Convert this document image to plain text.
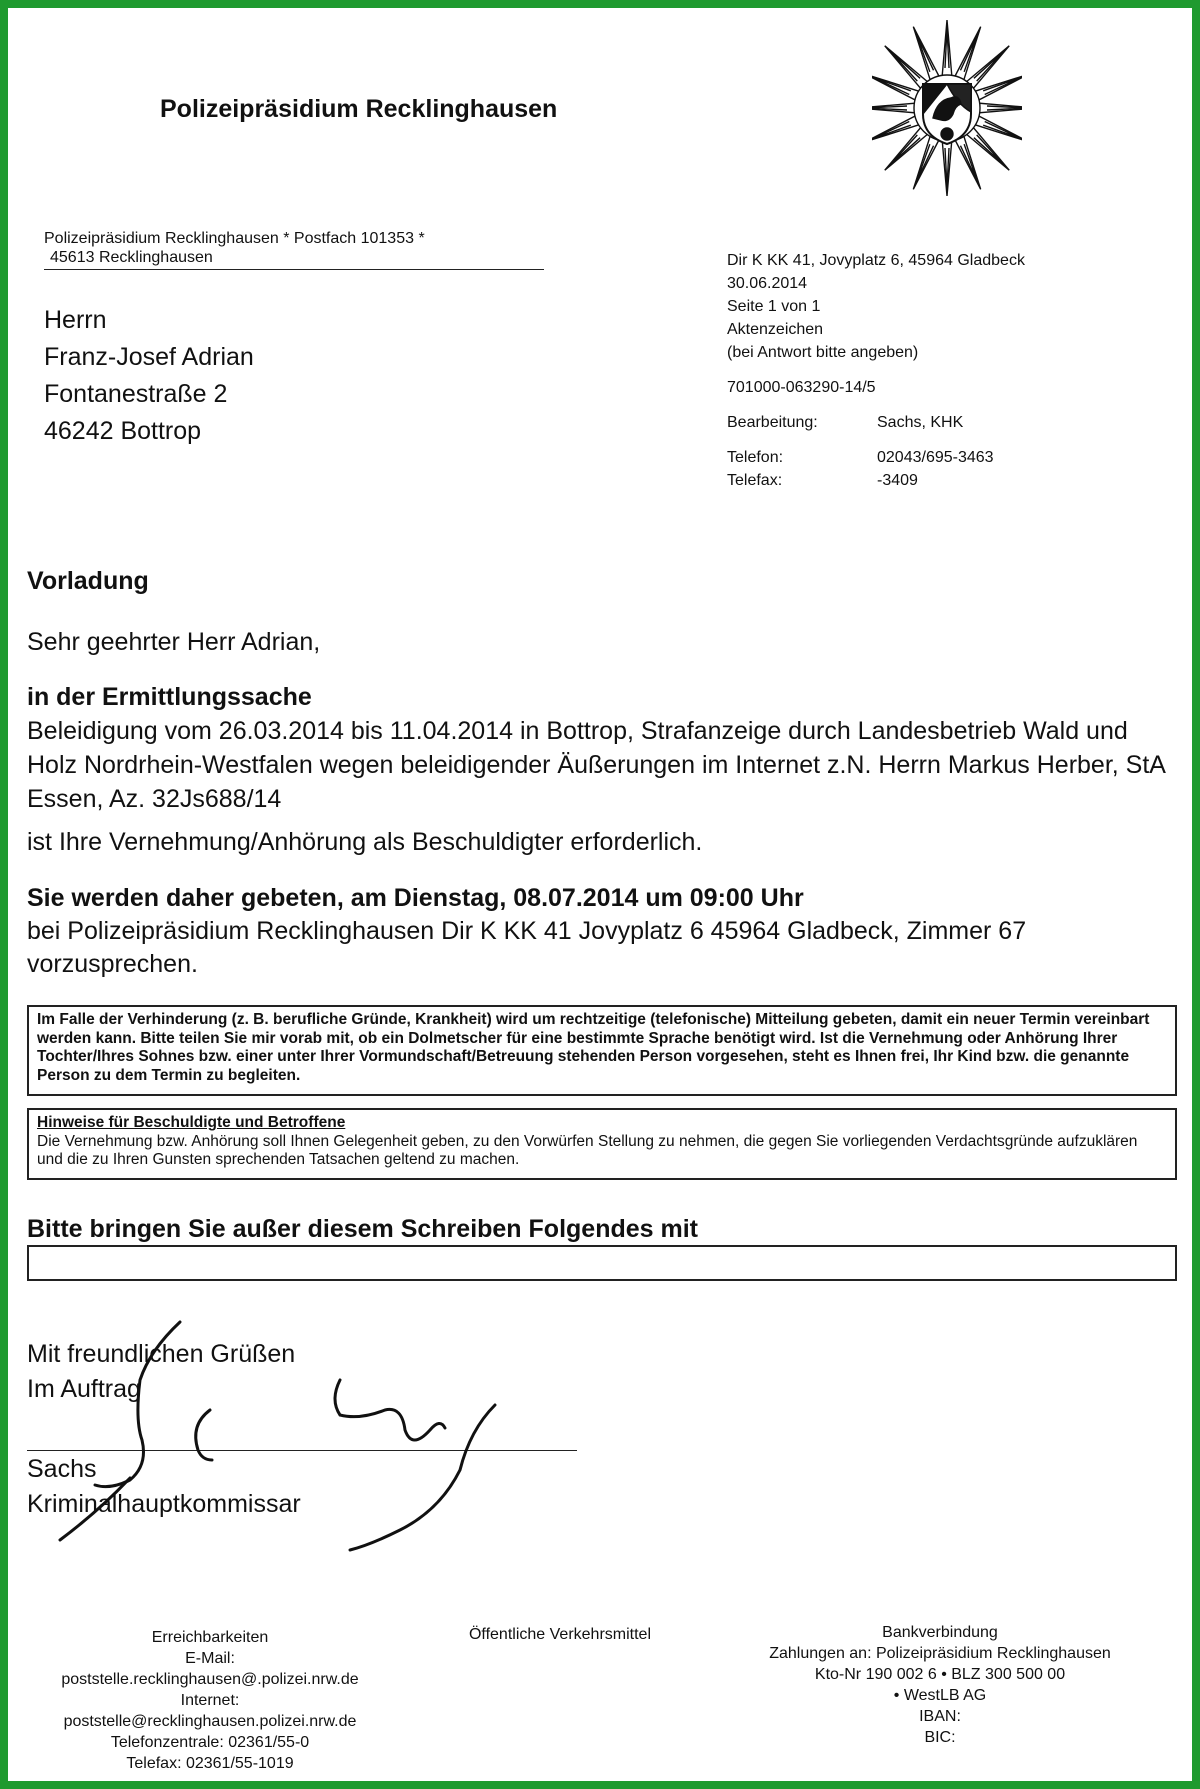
Polizeipräsidium Recklinghausen
Polizeipräsidium Recklinghausen * Postfach 101353 *
45613 Recklinghausen
Herrn
Franz-Josef Adrian
Fontanestraße 2
46242 Bottrop
Dir K KK 41, Jovyplatz 6, 45964 Gladbeck
30.06.2014
Seite 1 von 1
Aktenzeichen
(bei Antwort bitte angeben)
701000-063290-14/5
Bearbeitung:	Sachs, KHK
Telefon:	02043/695-3463
Telefax:	-3409
Vorladung
Sehr geehrter Herr Adrian,
in der Ermittlungssache
Beleidigung vom 26.03.2014 bis 11.04.2014 in Bottrop, Strafanzeige durch Landesbetrieb Wald und Holz Nordrhein-Westfalen wegen beleidigender Äußerungen im Internet z.N. Herrn Markus Herber, StA Essen, Az. 32Js688/14
ist Ihre Vernehmung/Anhörung als Beschuldigter erforderlich.
Sie werden daher gebeten, am Dienstag, 08.07.2014 um 09:00 Uhr
bei Polizeipräsidium Recklinghausen Dir K KK 41 Jovyplatz 6 45964 Gladbeck, Zimmer 67 vorzusprechen.
Im Falle der Verhinderung (z. B. berufliche Gründe, Krankheit) wird um rechtzeitige (telefonische) Mitteilung gebeten, damit ein neuer Termin vereinbart werden kann. Bitte teilen Sie mir vorab mit, ob ein Dolmetscher für eine bestimmte Sprache benötigt wird. Ist die Vernehmung oder Anhörung Ihrer Tochter/Ihres Sohnes bzw. einer unter Ihrer Vormundschaft/Betreuung stehenden Person vorgesehen, steht es Ihnen frei, Ihr Kind bzw. die genannte Person zu dem Termin zu begleiten.
Hinweise für Beschuldigte und Betroffene
Die Vernehmung bzw. Anhörung soll Ihnen Gelegenheit geben, zu den Vorwürfen Stellung zu nehmen, die gegen Sie vorliegenden Verdachtsgründe aufzuklären und die zu Ihren Gunsten sprechenden Tatsachen geltend zu machen.
Bitte bringen Sie außer diesem Schreiben Folgendes mit
Mit freundlichen Grüßen
Im Auftrag
Sachs
Kriminalhauptkommissar
Erreichbarkeiten
E-Mail:
poststelle.recklinghausen@.polizei.nrw.de
Internet:
poststelle@recklinghausen.polizei.nrw.de
Telefonzentrale: 02361/55-0
Telefax: 02361/55-1019
Öffentliche Verkehrsmittel	Bankverbindung
Zahlungen an: Polizeipräsidium Recklinghausen
Kto-Nr 190 002 6 • BLZ 300 500 00
• WestLB AG
IBAN:
BIC:
